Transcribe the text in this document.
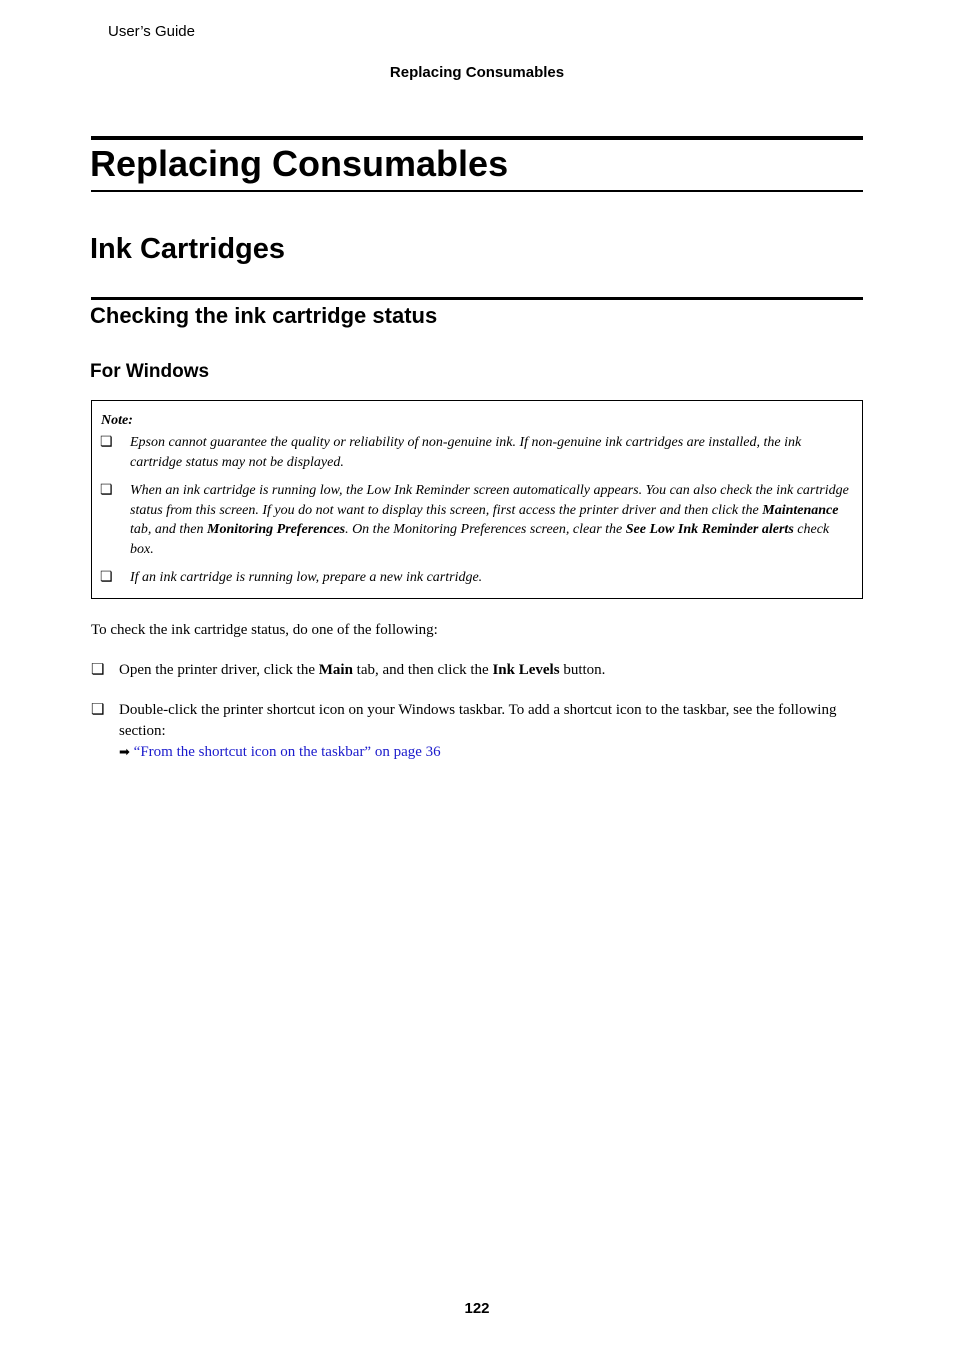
User’s Guide
Replacing Consumables
Replacing Consumables
Ink Cartridges
Checking the ink cartridge status
For Windows
Note:
❏ Epson cannot guarantee the quality or reliability of non-genuine ink. If non-genuine ink cartridges are installed, the ink cartridge status may not be displayed.
❏ When an ink cartridge is running low, the Low Ink Reminder screen automatically appears. You can also check the ink cartridge status from this screen. If you do not want to display this screen, first access the printer driver and then click the Maintenance tab, and then Monitoring Preferences. On the Monitoring Preferences screen, clear the See Low Ink Reminder alerts check box.
❏ If an ink cartridge is running low, prepare a new ink cartridge.
To check the ink cartridge status, do one of the following:
❏ Open the printer driver, click the Main tab, and then click the Ink Levels button.
❏ Double-click the printer shortcut icon on your Windows taskbar. To add a shortcut icon to the taskbar, see the following section:
➡ “From the shortcut icon on the taskbar” on page 36
122
